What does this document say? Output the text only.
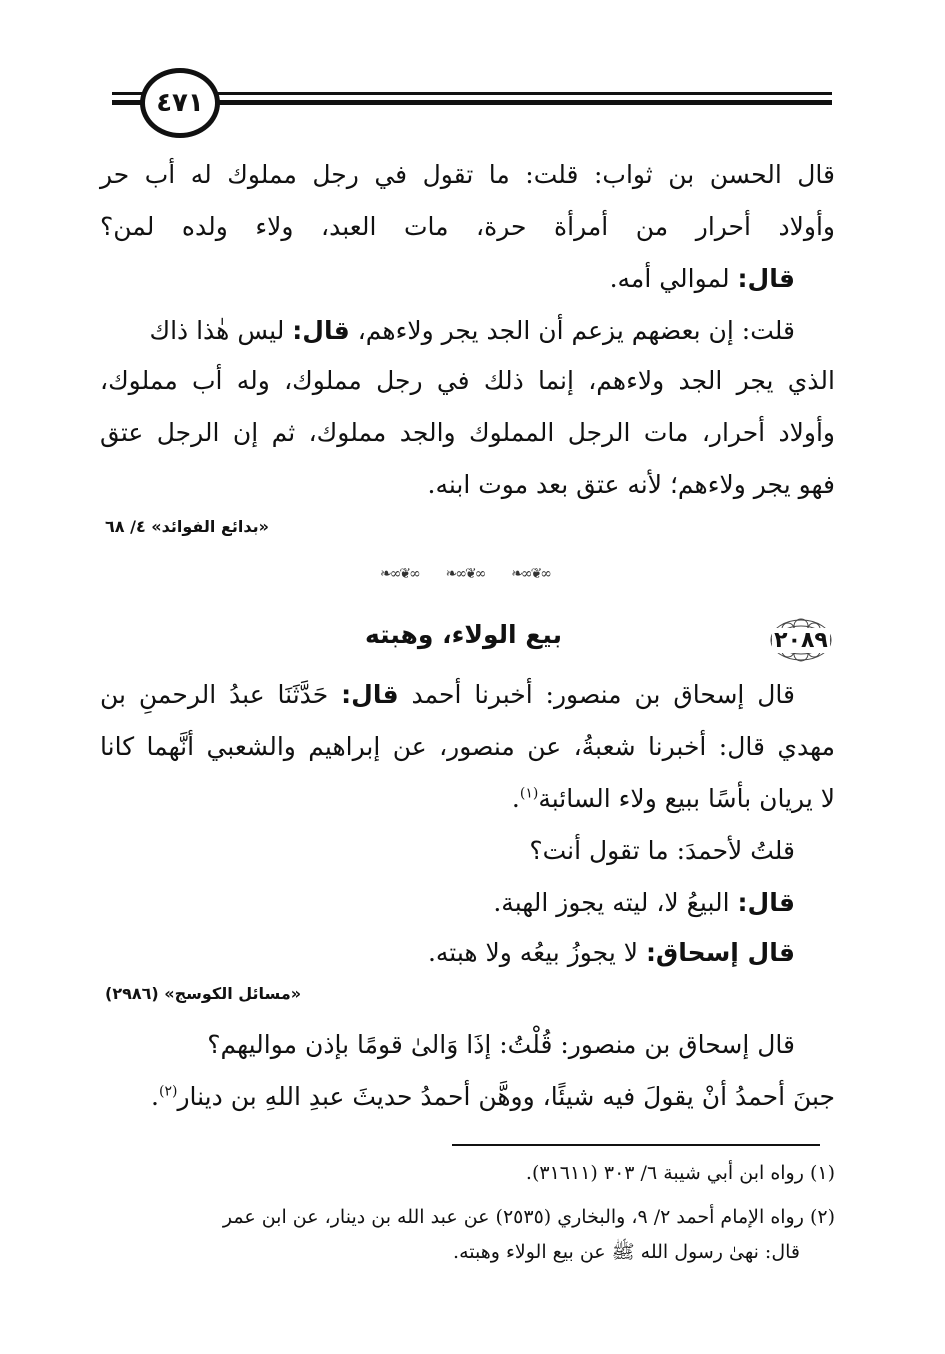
٤٧١
قال الحسن بن ثواب: قلت: ما تقول في رجل مملوك له أب حر
وأولاد أحرار من أمرأة حرة، مات العبد، ولاء ولده لمن؟
قال: لموالي أمه.
قلت: إن بعضهم يزعم أن الجد يجر ولاءهم، قال: ليس هٰذا ذاك
الذي يجر الجد ولاءهم، إنما ذلك في رجل مملوك، وله أب مملوك،
وأولاد أحرار، مات الرجل المملوك والجد مملوك، ثم إن الرجل عتق
فهو يجر ولاءهم؛ لأنه عتق بعد موت ابنه.
«بدائع الفوائد» ٤/ ٦٨
❧∞❦∞ ❧∞❦∞ ❧∞❦∞
٢٠٨٩
بيع الولاء، وهبته
قال إسحاق بن منصور: أخبرنا أحمد قال: حَدَّثَنَا عبدُ الرحمنِ بن
مهدي قال: أخبرنا شعبةُ، عن منصور، عن إبراهيم والشعبي أنَّهما كانا
لا يريان بأسًا ببيع ولاء السائبة$^{(١)}$.
قلتُ لأحمدَ: ما تقول أنت؟
قال: البيعُ لا، ليته يجوز الهبة.
قال إسحاق: لا يجوزُ بيعُه ولا هبته.
«مسائل الكوسج» (٢٩٨٦)
قال إسحاق بن منصور: قُلْتُ: إذَا وَالىٰ قومًا بإذن مواليهم؟
جبنَ أحمدُ أنْ يقولَ فيه شيئًا، ووهَّن أحمدُ حديثَ عبدِ اللهِ بن دينار$^{(٢)}$.
(١) رواه ابن أبي شيبة ٦/ ٣٠٣ (٣١٦١١).
(٢) رواه الإمام أحمد ٢/ ٩، والبخاري (٢٥٣٥) عن عبد الله بن دينار، عن ابن عمر
قال: نهىٰ رسول الله ﷺ عن بيع الولاء وهبته.
